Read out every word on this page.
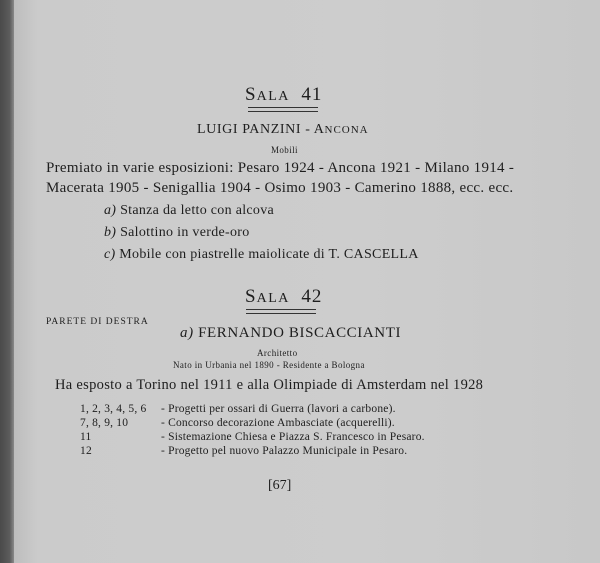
SALA 41
LUIGI PANZINI - ANCONA
Mobili
Premiato in varie esposizioni: Pesaro 1924 - Ancona 1921 - Milano 1914 -
Macerata 1905 - Senigallia 1904 - Osimo 1903 - Camerino 1888, ecc. ecc.
a) Stanza da letto con alcova
b) Salottino in verde-oro
c) Mobile con piastrelle maiolicate di T. CASCELLA
SALA 42
PARETE DI DESTRA
a) FERNANDO BISCACCIANTI
Architetto
Nato in Urbania nel 1890 - Residente a Bologna
Ha esposto a Torino nel 1911 e alla Olimpiade di Amsterdam nel 1928
1, 2, 3, 4, 5, 6 - Progetti per ossari di Guerra (lavori a carbone).
7, 8, 9, 10	- Concorso decorazione Ambasciate (acquerelli).
11	- Sistemazione Chiesa e Piazza S. Francesco in Pesaro.
12	- Progetto pel nuovo Palazzo Municipale in Pesaro.
[67]
